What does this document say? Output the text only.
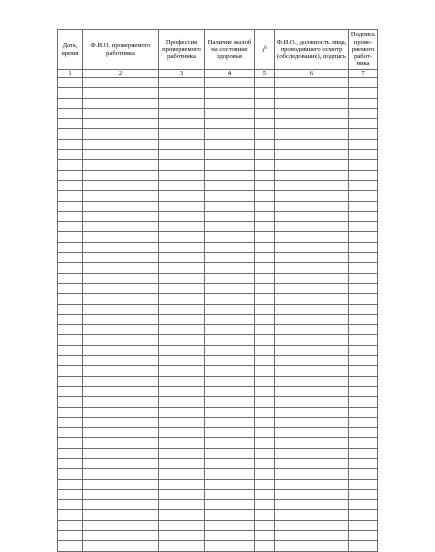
Дата, время	Ф.И.О. проверяемого работника	Профессия проверяемого работника	Наличие жалоб на состояние здоровья	$t^0$	Ф.И.О., должность лица, проводившего осмотр (обследование), подпись	Подпись прове-ряемого работ-ника
1	2	3	4	5	6	7
